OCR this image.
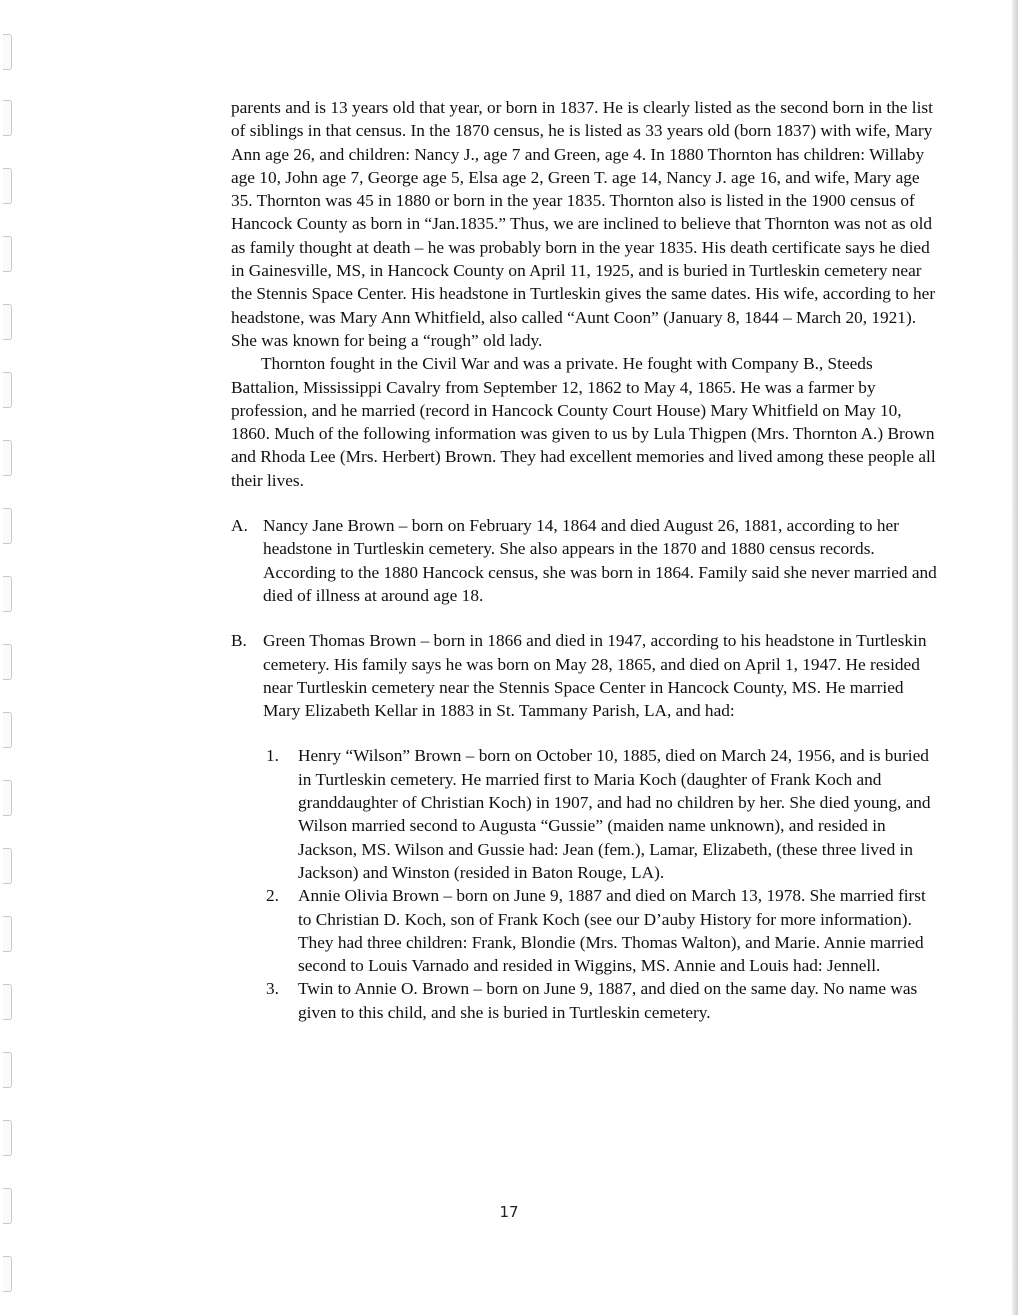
parents and is 13 years old that year, or born in 1837. He is clearly listed as the second born in the list of siblings in that census. In the 1870 census, he is listed as 33 years old (born 1837) with wife, Mary Ann age 26, and children: Nancy J., age 7 and Green, age 4. In 1880 Thornton has children: Willaby age 10, John age 7, George age 5, Elsa age 2, Green T. age 14, Nancy J. age 16, and wife, Mary age 35. Thornton was 45 in 1880 or born in the year 1835. Thornton also is listed in the 1900 census of Hancock County as born in “Jan.1835.” Thus, we are inclined to believe that Thornton was not as old as family thought at death – he was probably born in the year 1835. His death certificate says he died in Gainesville, MS, in Hancock County on April 11, 1925, and is buried in Turtleskin cemetery near the Stennis Space Center. His headstone in Turtleskin gives the same dates. His wife, according to her headstone, was Mary Ann Whitfield, also called “Aunt Coon” (January 8, 1844 – March 20, 1921). She was known for being a “rough” old lady.

Thornton fought in the Civil War and was a private. He fought with Company B., Steeds Battalion, Mississippi Cavalry from September 12, 1862 to May 4, 1865. He was a farmer by profession, and he married (record in Hancock County Court House) Mary Whitfield on May 10, 1860. Much of the following information was given to us by Lula Thigpen (Mrs. Thornton A.) Brown and Rhoda Lee (Mrs. Herbert) Brown. They had excellent memories and lived among these people all their lives.

A. Nancy Jane Brown – born on February 14, 1864 and died August 26, 1881, according to her headstone in Turtleskin cemetery. She also appears in the 1870 and 1880 census records. According to the 1880 Hancock census, she was born in 1864. Family said she never married and died of illness at around age 18.

B. Green Thomas Brown – born in 1866 and died in 1947, according to his headstone in Turtleskin cemetery. His family says he was born on May 28, 1865, and died on April 1, 1947. He resided near Turtleskin cemetery near the Stennis Space Center in Hancock County, MS. He married Mary Elizabeth Kellar in 1883 in St. Tammany Parish, LA, and had:

1. Henry “Wilson” Brown – born on October 10, 1885, died on March 24, 1956, and is buried in Turtleskin cemetery. He married first to Maria Koch (daughter of Frank Koch and granddaughter of Christian Koch) in 1907, and had no children by her. She died young, and Wilson married second to Augusta “Gussie” (maiden name unknown), and resided in Jackson, MS. Wilson and Gussie had: Jean (fem.), Lamar, Elizabeth, (these three lived in Jackson) and Winston (resided in Baton Rouge, LA).

2. Annie Olivia Brown – born on June 9, 1887 and died on March 13, 1978. She married first to Christian D. Koch, son of Frank Koch (see our D’auby History for more information). They had three children: Frank, Blondie (Mrs. Thomas Walton), and Marie. Annie married second to Louis Varnado and resided in Wiggins, MS. Annie and Louis had: Jennell.

3. Twin to Annie O. Brown – born on June 9, 1887, and died on the same day. No name was given to this child, and she is buried in Turtleskin cemetery.

17
